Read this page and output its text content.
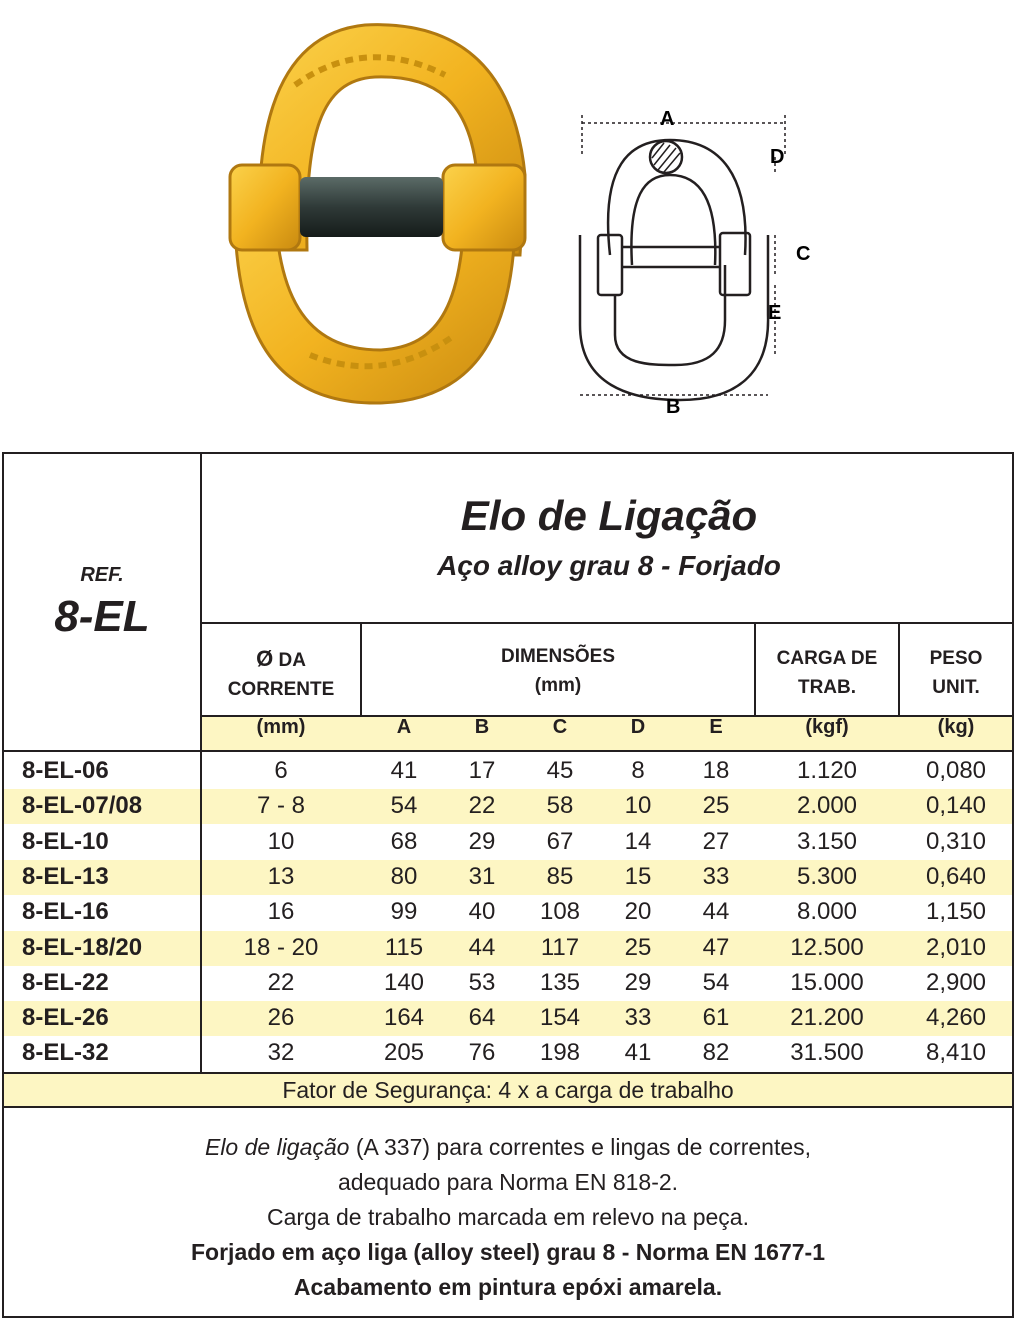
A
D
C
E
B
REF.
8-EL
Elo de Ligação
Aço alloy grau 8 - Forjado
Ø DA
CORRENTE
DIMENSÕES
(mm)
CARGA DE
TRAB.
PESO
UNIT.
(mm)	A	B	C	D	E	(kgf)	(kg)
8-EL-06	6	41	17	45	8	18	1.120	0,080
8-EL-07/08	7 - 8	54	22	58	10	25	2.000	0,140
8-EL-10	10	68	29	67	14	27	3.150	0,310
8-EL-13	13	80	31	85	15	33	5.300	0,640
8-EL-16	16	99	40	108	20	44	8.000	1,150
8-EL-18/20	18 - 20	115	44	117	25	47	12.500	2,010
8-EL-22	22	140	53	135	29	54	15.000	2,900
8-EL-26	26	164	64	154	33	61	21.200	4,260
8-EL-32	32	205	76	198	41	82	31.500	8,410
Fator de Segurança: 4 x a carga de trabalho
Elo de ligação (A 337) para correntes e lingas de correntes,
adequado para Norma EN 818-2.
Carga de trabalho marcada em relevo na peça.
Forjado em aço liga (alloy steel) grau 8 - Norma EN 1677-1
Acabamento em pintura epóxi amarela.
